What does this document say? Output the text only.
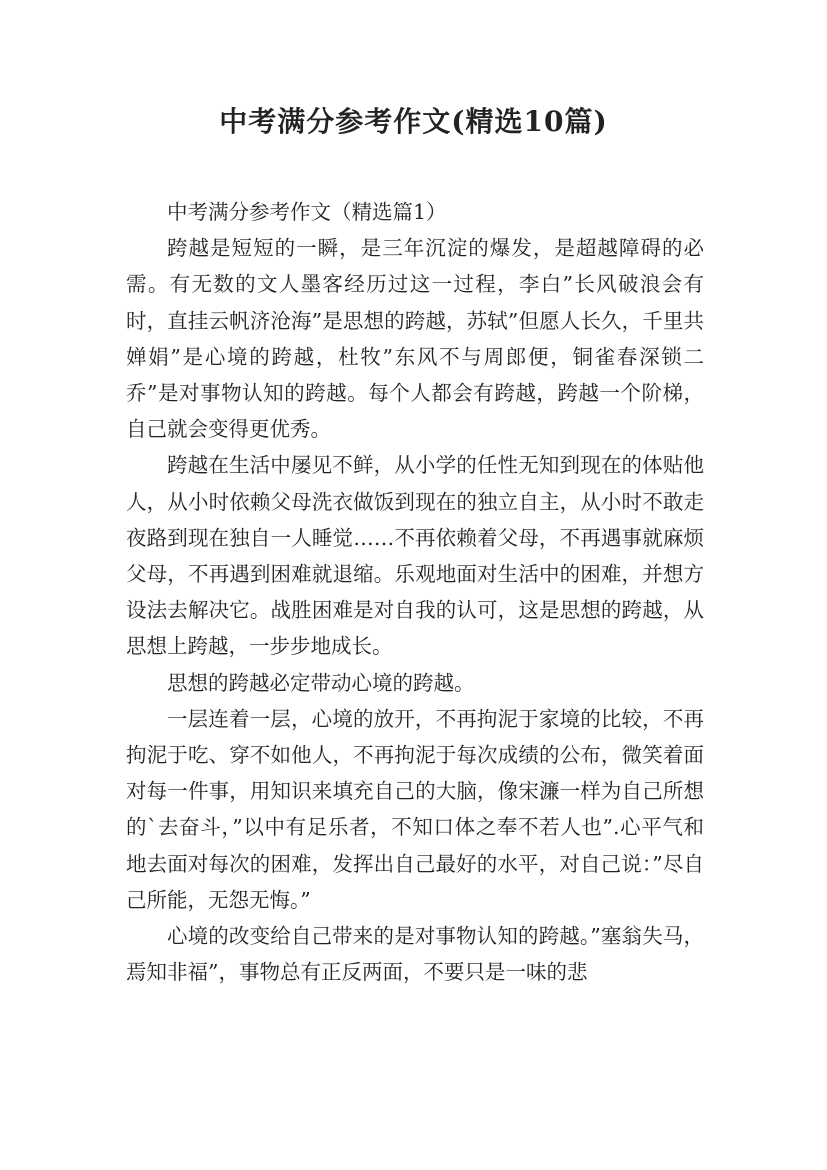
中考满分参考作文(精选10篇)

中考满分参考作文（精选篇1）

跨越是短短的一瞬，是三年沉淀的爆发，是超越障碍的必需。有无数的文人墨客经历过这一过程，李白”长风破浪会有时，直挂云帆济沧海”是思想的跨越，苏轼”但愿人长久，千里共婵娟”是心境的跨越，杜牧”东风不与周郎便，铜雀春深锁二乔”是对事物认知的跨越。每个人都会有跨越，跨越一个阶梯，自己就会变得更优秀。

跨越在生活中屡见不鲜，从小学的任性无知到现在的体贴他人，从小时依赖父母洗衣做饭到现在的独立自主，从小时不敢走夜路到现在独自一人睡觉……不再依赖着父母，不再遇事就麻烦父母，不再遇到困难就退缩。乐观地面对生活中的困难，并想方设法去解决它。战胜困难是对自我的认可，这是思想的跨越，从思想上跨越，一步步地成长。

思想的跨越必定带动心境的跨越。

一层连着一层，心境的放开，不再拘泥于家境的比较，不再拘泥于吃、穿不如他人，不再拘泥于每次成绩的公布，微笑着面对每一件事，用知识来填充自己的大脑，像宋濂一样为自己所想的`去奋斗，”以中有足乐者，不知口体之奉不若人也”.心平气和地去面对每次的困难，发挥出自己最好的水平，对自己说：”尽自己所能，无怨无悔。”

心境的改变给自己带来的是对事物认知的跨越。”塞翁失马，焉知非福”，事物总有正反两面，不要只是一味的悲
